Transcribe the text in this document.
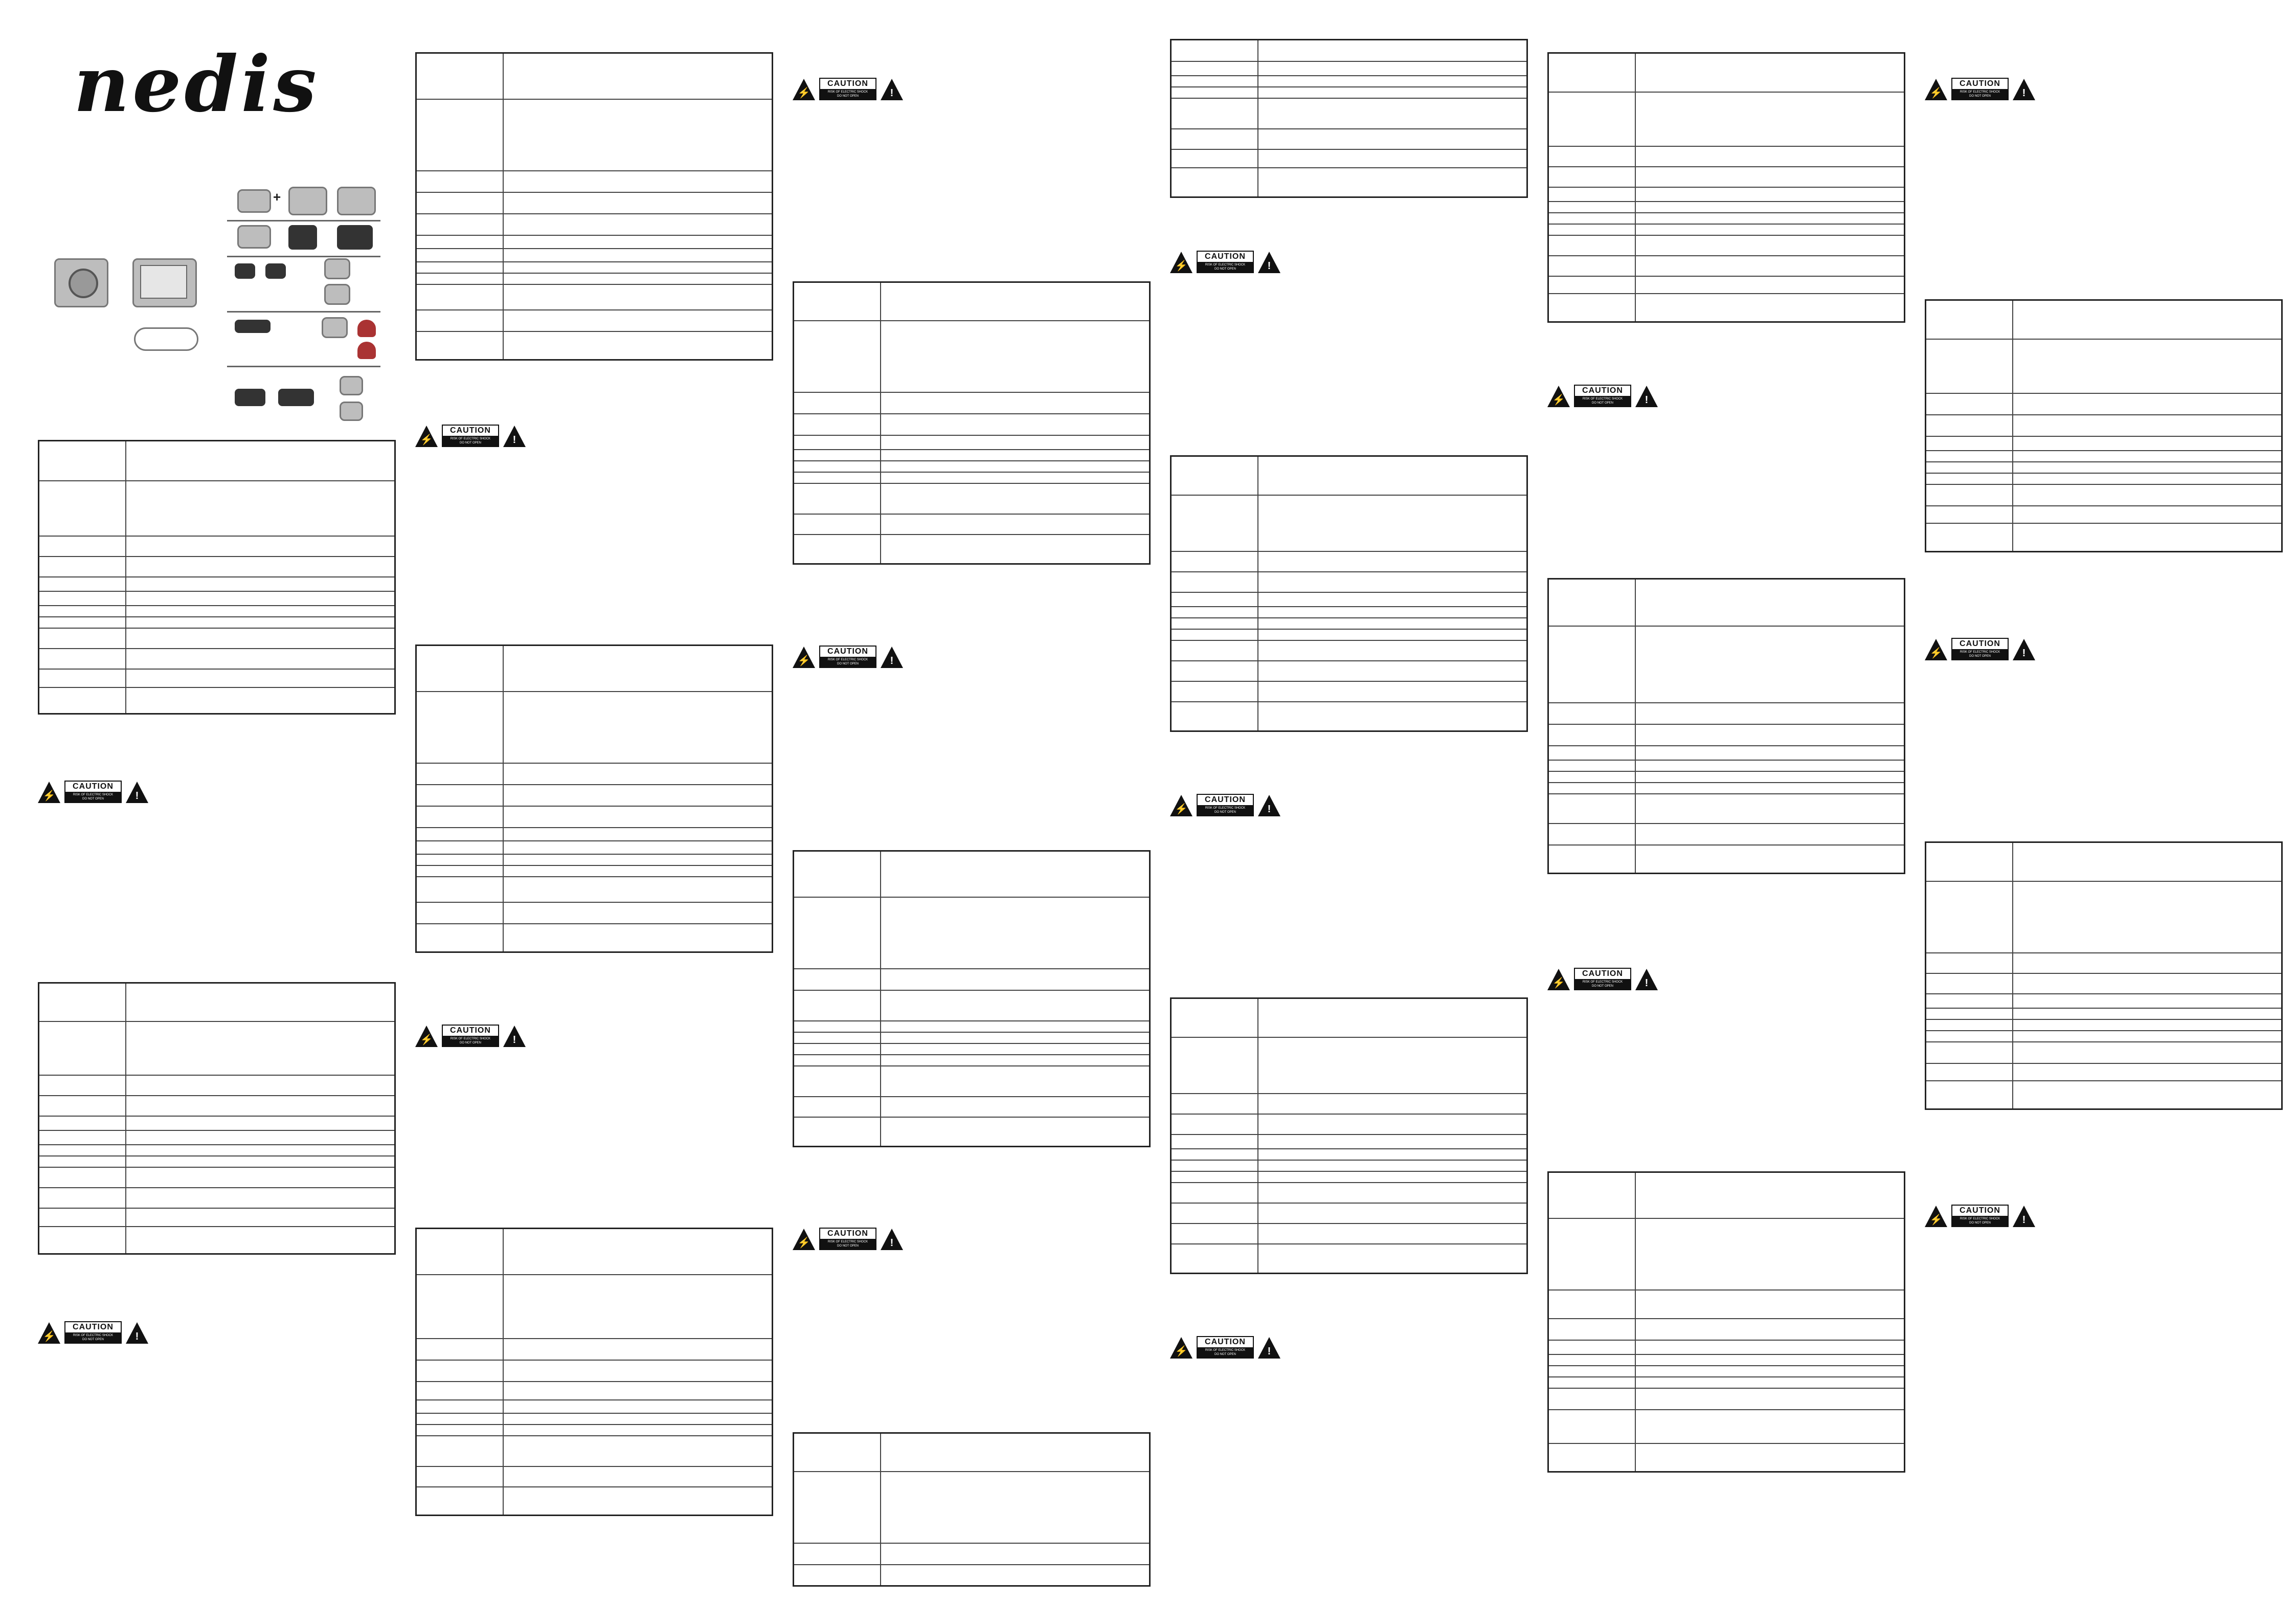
nedis
+

⚡
CAUTION
RISK OF ELECTRIC SHOCK
DO NOT OPEN	!

⚡
CAUTION
RISK OF ELECTRIC SHOCK
DO NOT OPEN	!

⚡
CAUTION
RISK OF ELECTRIC SHOCK
DO NOT OPEN	!

⚡
CAUTION
RISK OF ELECTRIC SHOCK
DO NOT OPEN	!

⚡
CAUTION
RISK OF ELECTRIC SHOCK
DO NOT OPEN	!

⚡
CAUTION
RISK OF ELECTRIC SHOCK
DO NOT OPEN	!

⚡
CAUTION
RISK OF ELECTRIC SHOCK
DO NOT OPEN	!

⚡
CAUTION
RISK OF ELECTRIC SHOCK
DO NOT OPEN	!

⚡
CAUTION
RISK OF ELECTRIC SHOCK
DO NOT OPEN	!

⚡
CAUTION
RISK OF ELECTRIC SHOCK
DO NOT OPEN	!

⚡
CAUTION
RISK OF ELECTRIC SHOCK
DO NOT OPEN	!

⚡
CAUTION
RISK OF ELECTRIC SHOCK
DO NOT OPEN	!

⚡
CAUTION
RISK OF ELECTRIC SHOCK
DO NOT OPEN	!

⚡
CAUTION
RISK OF ELECTRIC SHOCK
DO NOT OPEN	!

⚡
CAUTION
RISK OF ELECTRIC SHOCK
DO NOT OPEN	!
